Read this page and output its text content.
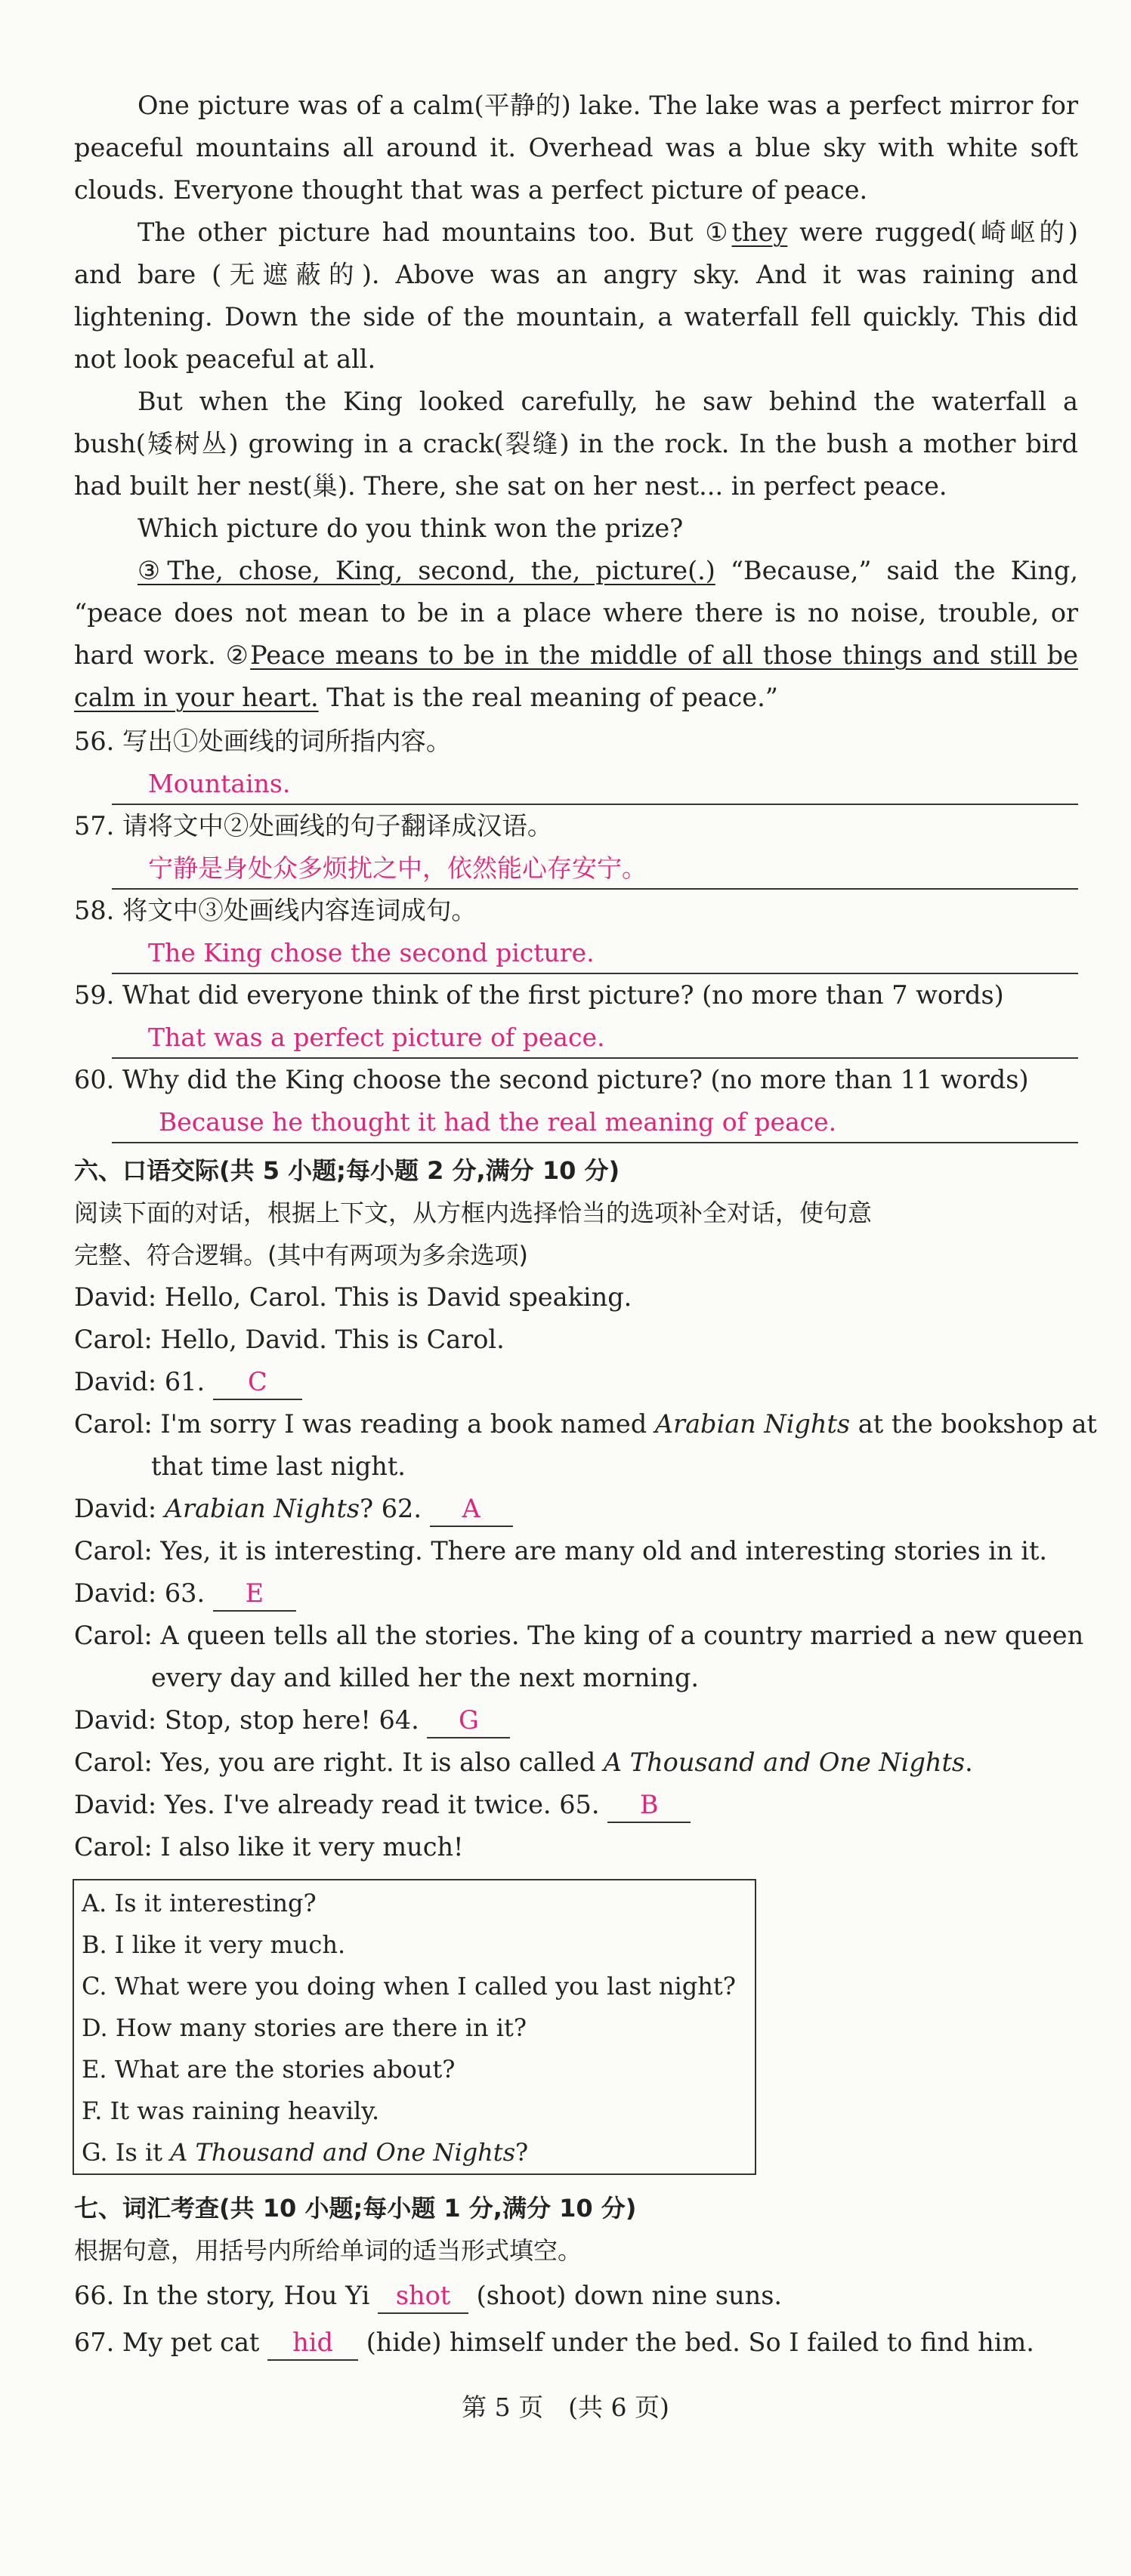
One picture was of a calm(平静的) lake. The lake was a perfect mirror for peaceful mountains all around it. Overhead was a blue sky with white soft clouds. Everyone thought that was a perfect picture of peace.
The other picture had mountains too. But ①they were rugged(崎岖的) and bare (无遮蔽的). Above was an angry sky. And it was raining and lightening. Down the side of the mountain, a waterfall fell quickly. This did not look peaceful at all.
But when the King looked carefully, he saw behind the waterfall a bush(矮树丛) growing in a crack(裂缝) in the rock. In the bush a mother bird had built her nest(巢). There, she sat on her nest... in perfect peace.
Which picture do you think won the prize?
③The, chose, King, second, the, picture(.) “Because,” said the King, “peace does not mean to be in a place where there is no noise, trouble, or hard work. ②Peace means to be in the middle of all those things and still be calm in your heart. That is the real meaning of peace.”
56. 写出①处画线的词所指内容。
Mountains.
57. 请将文中②处画线的句子翻译成汉语。
宁静是身处众多烦扰之中，依然能心存安宁。
58. 将文中③处画线内容连词成句。
The King chose the second picture.
59. What did everyone think of the first picture? (no more than 7 words)
That was a perfect picture of peace.
60. Why did the King choose the second picture? (no more than 11 words)
Because he thought it had the real meaning of peace.
六、口语交际(共 5 小题;每小题 2 分,满分 10 分)
阅读下面的对话，根据上下文，从方框内选择恰当的选项补全对话，使句意
完整、符合逻辑。(其中有两项为多余选项)
David: Hello, Carol. This is David speaking.
Carol: Hello, David. This is Carol.
David: 61. C
Carol: I'm sorry I was reading a book named Arabian Nights at the bookshop at
that time last night.
David: Arabian Nights? 62. A
Carol: Yes, it is interesting. There are many old and interesting stories in it.
David: 63. E
Carol: A queen tells all the stories. The king of a country married a new queen
every day and killed her the next morning.
David: Stop, stop here! 64. G
Carol: Yes, you are right. It is also called A Thousand and One Nights.
David: Yes. I've already read it twice. 65. B
Carol: I also like it very much!
A. Is it interesting?
B. I like it very much.
C. What were you doing when I called you last night?
D. How many stories are there in it?
E. What are the stories about?
F. It was raining heavily.
G. Is it A Thousand and One Nights?
七、词汇考查(共 10 小题;每小题 1 分,满分 10 分)
根据句意，用括号内所给单词的适当形式填空。
66. In the story, Hou Yi shot (shoot) down nine suns.
67. My pet cat hid (hide) himself under the bed. So I failed to find him.
第 5 页　(共 6 页)
